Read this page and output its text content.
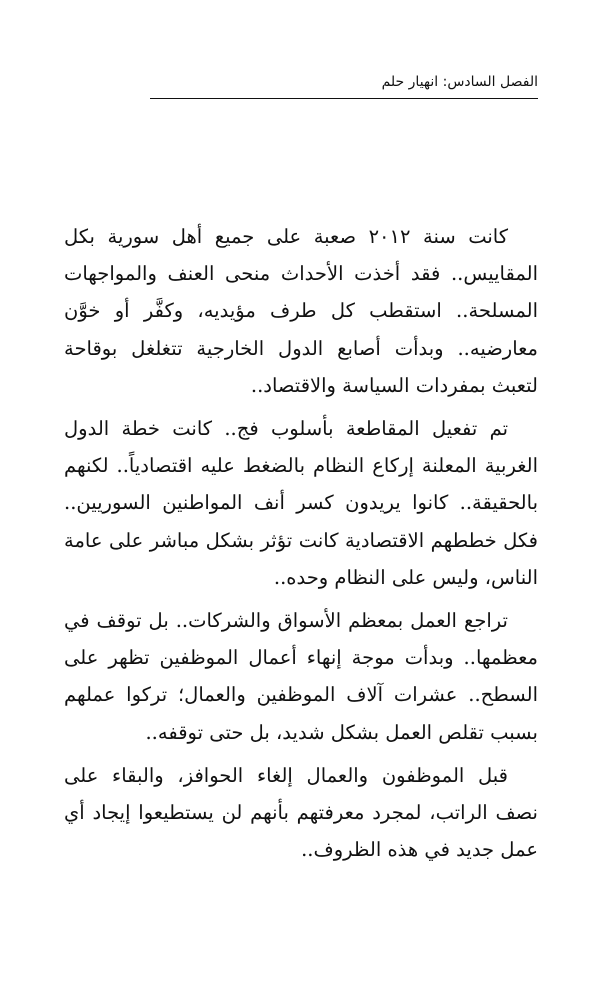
الفصل السادس: انهيار حلم

كانت سنة ٢٠١٢ صعبة على جميع أهل سورية بكل المقاييس.. فقد أخذت الأحداث منحى العنف والمواجهات المسلحة.. استقطب كل طرف مؤيديه، وكفَّر أو خوَّن معارضيه.. وبدأت أصابع الدول الخارجية تتغلغل بوقاحة لتعبث بمفردات السياسة والاقتصاد..

تم تفعيل المقاطعة بأسلوب فج.. كانت خطة الدول الغربية المعلنة إركاع النظام بالضغط عليه اقتصادياً.. لكنهم بالحقيقة.. كانوا يريدون كسر أنف المواطنين السوريين.. فكل خططهم الاقتصادية كانت تؤثر بشكل مباشر على عامة الناس، وليس على النظام وحده..

تراجع العمل بمعظم الأسواق والشركات.. بل توقف في معظمها.. وبدأت موجة إنهاء أعمال الموظفين تظهر على السطح.. عشرات آلاف الموظفين والعمال؛ تركوا عملهم بسبب تقلص العمل بشكل شديد، بل حتى توقفه..

قبل الموظفون والعمال إلغاء الحوافز، والبقاء على نصف الراتب، لمجرد معرفتهم بأنهم لن يستطيعوا إيجاد أي عمل جديد في هذه الظروف..
